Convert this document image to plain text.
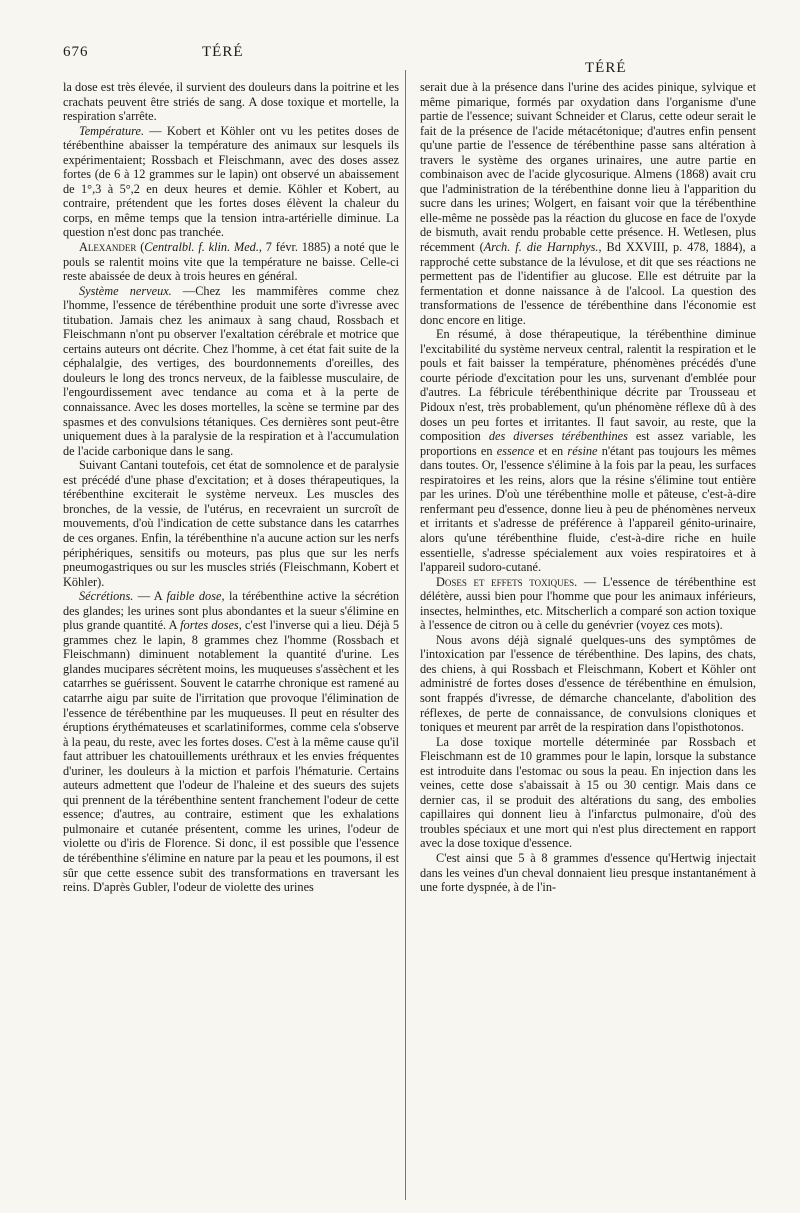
676	TÉRÉ
TÉRÉ

la dose est très élevée, il survient des douleurs dans la poitrine et les crachats peuvent être striés de sang. A dose toxique et mortelle, la respiration s'arrête.

Température. — Kobert et Köhler ont vu les petites doses de térébenthine abaisser la température des animaux sur lesquels ils expérimentaient; Rossbach et Fleischmann, avec des doses assez fortes (de 6 à 12 grammes sur le lapin) ont observé un abaissement de 1°,3 à 5°,2 en deux heures et demie. Köhler et Kobert, au contraire, prétendent que les fortes doses élèvent la chaleur du corps, en même temps que la tension intra-artérielle diminue. La question n'est donc pas tranchée.

Alexander (Centralbl. f. klin. Med., 7 févr. 1885) a noté que le pouls se ralentit moins vite que la température ne baisse. Celle-ci reste abaissée de deux à trois heures en général.

Système nerveux. —Chez les mammifères comme chez l'homme, l'essence de térébenthine produit une sorte d'ivresse avec titubation. Jamais chez les animaux à sang chaud, Rossbach et Fleischmann n'ont pu observer l'exaltation cérébrale et motrice que certains auteurs ont décrite. Chez l'homme, à cet état fait suite de la céphalalgie, des vertiges, des bourdonnements d'oreilles, des douleurs le long des troncs nerveux, de la faiblesse musculaire, de l'engourdissement avec tendance au coma et à la perte de connaissance. Avec les doses mortelles, la scène se termine par des spasmes et des convulsions tétaniques. Ces dernières sont peut-être uniquement dues à la paralysie de la respiration et à l'accumulation de l'acide carbonique dans le sang.

Suivant Cantani toutefois, cet état de somnolence et de paralysie est précédé d'une phase d'excitation; et à doses thérapeutiques, la térébenthine exciterait le système nerveux. Les muscles des bronches, de la vessie, de l'utérus, en recevraient un surcroît de mouvements, d'où l'indication de cette substance dans les catarrhes de ces organes. Enfin, la térébenthine n'a aucune action sur les nerfs périphériques, sensitifs ou moteurs, pas plus que sur les nerfs pneumogastriques ou sur les muscles striés (Fleischmann, Kobert et Köhler).

Sécrétions. — A faible dose, la térébenthine active la sécrétion des glandes; les urines sont plus abondantes et la sueur s'élimine en plus grande quantité. A fortes doses, c'est l'inverse qui a lieu. Déjà 5 grammes chez le lapin, 8 grammes chez l'homme (Rossbach et Fleischmann) diminuent notablement la quantité d'urine. Les glandes mucipares sécrètent moins, les muqueuses s'assèchent et les catarrhes se guérissent. Souvent le catarrhe chronique est ramené au catarrhe aigu par suite de l'irritation que provoque l'élimination de l'essence de térébenthine par les muqueuses. Il peut en résulter des éruptions érythémateuses et scarlatiniformes, comme cela s'observe à la peau, du reste, avec les fortes doses. C'est à la même cause qu'il faut attribuer les chatouillements uréthraux et les envies fréquentes d'uriner, les douleurs à la miction et parfois l'hématurie. Certains auteurs admettent que l'odeur de l'haleine et des sueurs des sujets qui prennent de la térébenthine sentent franchement l'odeur de cette essence; d'autres, au contraire, estiment que les exhalations pulmonaire et cutanée présentent, comme les urines, l'odeur de violette ou d'iris de Florence. Si donc, il est possible que l'essence de térébenthine s'élimine en nature par la peau et les poumons, il est sûr que cette essence subit des transformations en traversant les reins. D'après Gubler, l'odeur de violette des urines

serait due à la présence dans l'urine des acides pinique, sylvique et même pimarique, formés par oxydation dans l'organisme d'une partie de l'essence; suivant Schneider et Clarus, cette odeur serait le fait de la présence de l'acide métacétonique; d'autres enfin pensent qu'une partie de l'essence de térébenthine passe sans altération à travers le système des organes urinaires, une autre partie en combinaison avec de l'acide glycosurique. Almens (1868) avait cru que l'administration de la térébenthine donne lieu à l'apparition du sucre dans les urines; Wolgert, en faisant voir que la térébenthine elle-même ne possède pas la réaction du glucose en face de l'oxyde de bismuth, avait rendu probable cette présence. H. Wetlesen, plus récemment (Arch. f. die Harnphys., Bd XXVIII, p. 478, 1884), a rapproché cette substance de la lévulose, et dit que ses réactions ne permettent pas de l'identifier au glucose. Elle est détruite par la fermentation et donne naissance à de l'alcool. La question des transformations de l'essence de térébenthine dans l'économie est donc encore en litige.

En résumé, à dose thérapeutique, la térébenthine diminue l'excitabilité du système nerveux central, ralentit la respiration et le pouls et fait baisser la température, phénomènes précédés d'une courte période d'excitation pour les uns, survenant d'emblée pour d'autres. La fébricule térébenthinique décrite par Trousseau et Pidoux n'est, très probablement, qu'un phénomène réflexe dû à des doses un peu fortes et irritantes. Il faut savoir, au reste, que la composition des diverses térébenthines est assez variable, les proportions en essence et en résine n'étant pas toujours les mêmes dans toutes. Or, l'essence s'élimine à la fois par la peau, les surfaces respiratoires et les reins, alors que la résine s'élimine tout entière par les urines. D'où une térébenthine molle et pâteuse, c'est-à-dire renfermant peu d'essence, donne lieu à peu de phénomènes nerveux et irritants et s'adresse de préférence à l'appareil génito-urinaire, alors qu'une térébenthine fluide, c'est-à-dire riche en huile essentielle, s'adresse spécialement aux voies respiratoires et à l'appareil sudoro-cutané.

Doses et effets toxiques. — L'essence de térébenthine est délétère, aussi bien pour l'homme que pour les animaux inférieurs, insectes, helminthes, etc. Mitscherlich a comparé son action toxique à l'essence de citron ou à celle du genévrier (voyez ces mots).

Nous avons déjà signalé quelques-uns des symptômes de l'intoxication par l'essence de térébenthine. Des lapins, des chats, des chiens, à qui Rossbach et Fleischmann, Kobert et Köhler ont administré de fortes doses d'essence de térébenthine en émulsion, sont frappés d'ivresse, de démarche chancelante, d'abolition des réflexes, de perte de connaissance, de convulsions cloniques et toniques et meurent par arrêt de la respiration dans l'opisthotonos.

La dose toxique mortelle déterminée par Rossbach et Fleischmann est de 10 grammes pour le lapin, lorsque la substance est introduite dans l'estomac ou sous la peau. En injection dans les veines, cette dose s'abaissait à 15 ou 30 centigr. Mais dans ce dernier cas, il se produit des altérations du sang, des embolies capillaires qui donnent lieu à l'infarctus pulmonaire, d'où des troubles spéciaux et une mort qui n'est plus directement en rapport avec la dose toxique d'essence.

C'est ainsi que 5 à 8 grammes d'essence qu'Hertwig injectait dans les veines d'un cheval donnaient lieu presque instantanément à une forte dyspnée, à de l'in-
